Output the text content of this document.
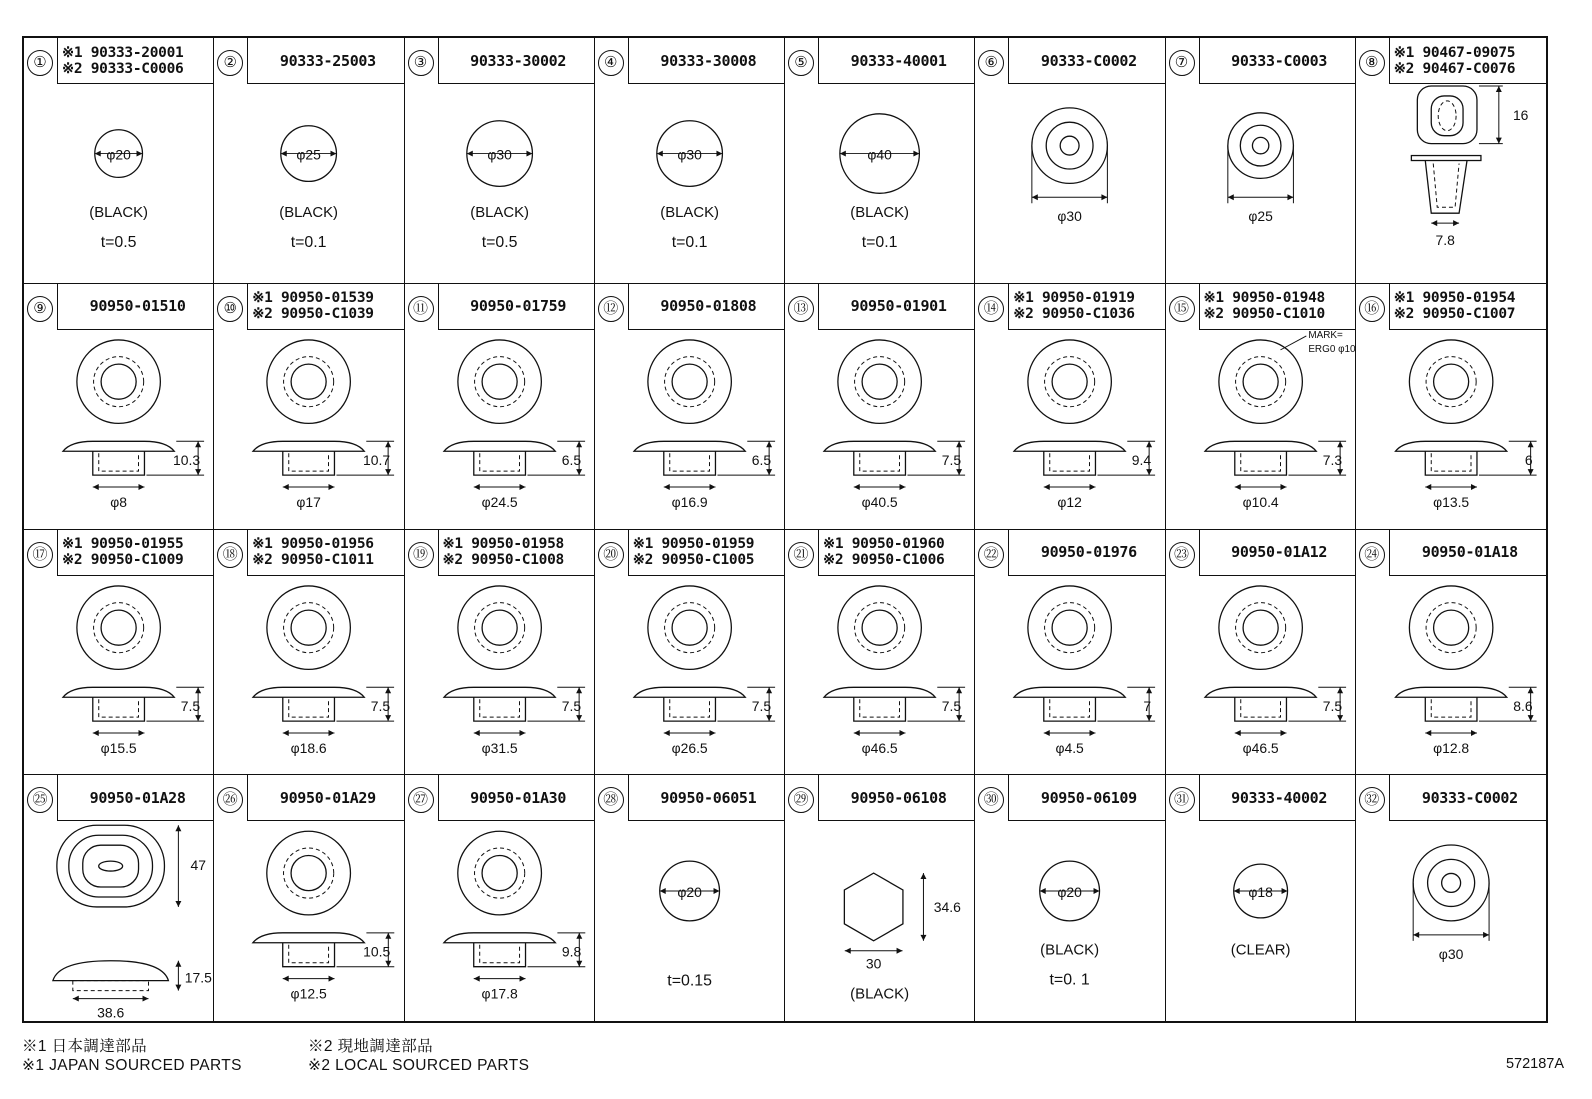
①
※1 90333-20001
※2 90333-C0006
φ20
(BLACK)
t=0.5
②	90333-25003
φ25
(BLACK)
t=0.1
③	90333-30002
φ30
(BLACK)
t=0.5
④	90333-30008
φ30
(BLACK)
t=0.1
⑤	90333-40001
φ40
(BLACK)
t=0.1
⑥	90333-C0002
φ30
⑦	90333-C0003
φ25
⑧
※1 90467-09075
※2 90467-C0076
16
7.8
⑨	90950-01510
10.3
φ8
⑩
※1 90950-01539
※2 90950-C1039
10.7
φ17
⑪	90950-01759
6.5
φ24.5
⑫	90950-01808
6.5
φ16.9
⑬	90950-01901
7.5
φ40.5
⑭
※1 90950-01919
※2 90950-C1036
9.4
φ12
⑮
※1 90950-01948
※2 90950-C1010
MARK=
ERG0 φ10
7.3
φ10.4
⑯
※1 90950-01954
※2 90950-C1007
6
φ13.5
⑰
※1 90950-01955
※2 90950-C1009
7.5
φ15.5
⑱
※1 90950-01956
※2 90950-C1011
7.5
φ18.6
⑲
※1 90950-01958
※2 90950-C1008
7.5
φ31.5
⑳
※1 90950-01959
※2 90950-C1005
7.5
φ26.5
㉑
※1 90950-01960
※2 90950-C1006
7.5
φ46.5
㉒	90950-01976
7
φ4.5
㉓	90950-01A12
7.5
φ46.5
㉔	90950-01A18
8.6
φ12.8
㉕	90950-01A28
47
17.5
38.6
㉖	90950-01A29
10.5
φ12.5
㉗	90950-01A30
9.8
φ17.8
㉘	90950-06051
φ20
t=0.15
㉙	90950-06108
34.6
30
(BLACK)
㉚	90950-06109
φ20
(BLACK)
t=0. 1
㉛	90333-40002
φ18
(CLEAR)
㉜	90333-C0002
φ30
※1 日本調達部品	※2 現地調達部品
※1 JAPAN SOURCED PARTS	※2 LOCAL SOURCED PARTS	572187A
